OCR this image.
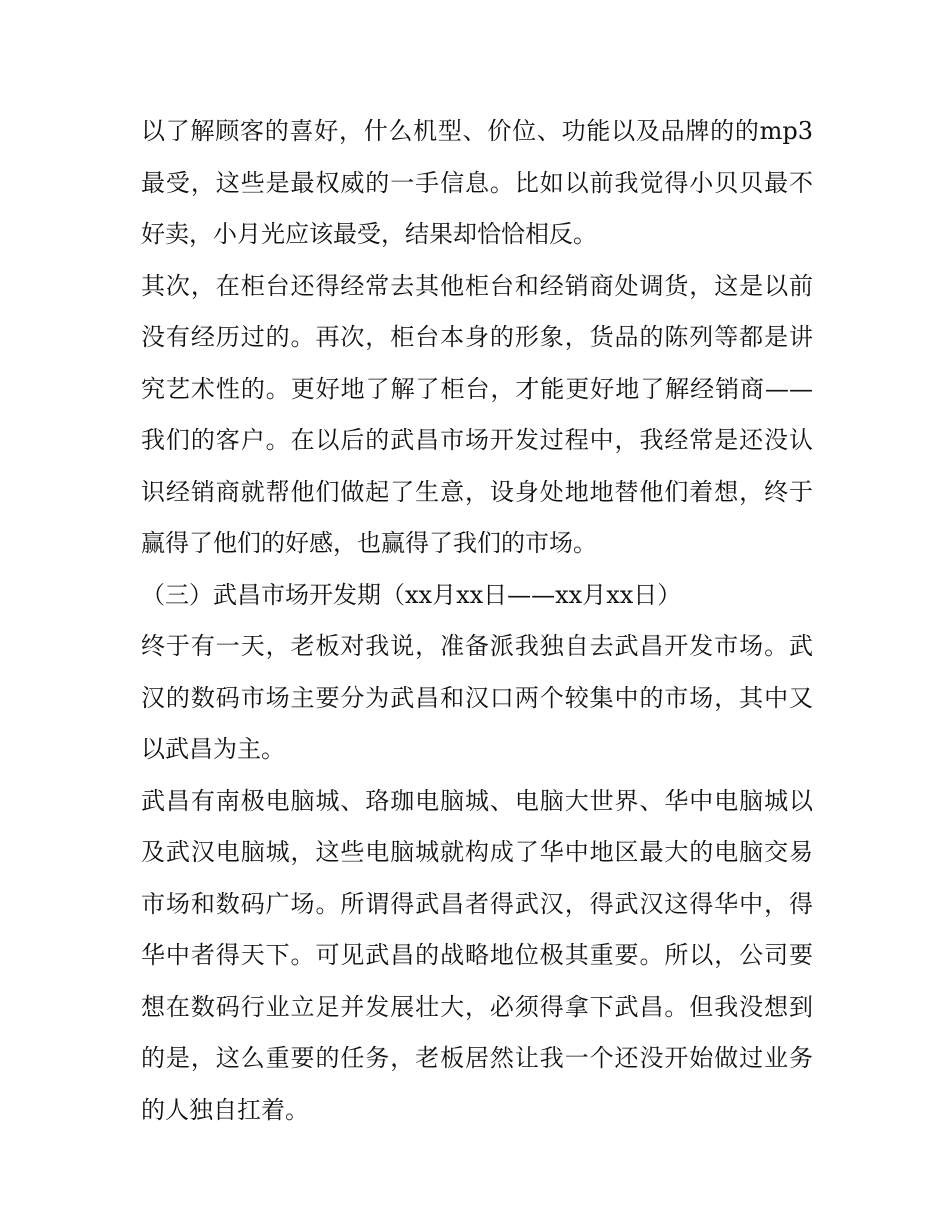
以了解顾客的喜好，什么机型、价位、功能以及品牌的的mp3
最受，这些是最权威的一手信息。比如以前我觉得小贝贝最不
好卖，小月光应该最受，结果却恰恰相反。
其次，在柜台还得经常去其他柜台和经销商处调货，这是以前
没有经历过的。再次，柜台本身的形象，货品的陈列等都是讲
究艺术性的。更好地了解了柜台，才能更好地了解经销商——
我们的客户。在以后的武昌市场开发过程中，我经常是还没认
识经销商就帮他们做起了生意，设身处地地替他们着想，终于
赢得了他们的好感，也赢得了我们的市场。
（三）武昌市场开发期（xx月xx日——xx月xx日）
终于有一天，老板对我说，准备派我独自去武昌开发市场。武
汉的数码市场主要分为武昌和汉口两个较集中的市场，其中又
以武昌为主。
武昌有南极电脑城、珞珈电脑城、电脑大世界、华中电脑城以
及武汉电脑城，这些电脑城就构成了华中地区最大的电脑交易
市场和数码广场。所谓得武昌者得武汉，得武汉这得华中，得
华中者得天下。可见武昌的战略地位极其重要。所以，公司要
想在数码行业立足并发展壮大，必须得拿下武昌。但我没想到
的是，这么重要的任务，老板居然让我一个还没开始做过业务
的人独自扛着。
